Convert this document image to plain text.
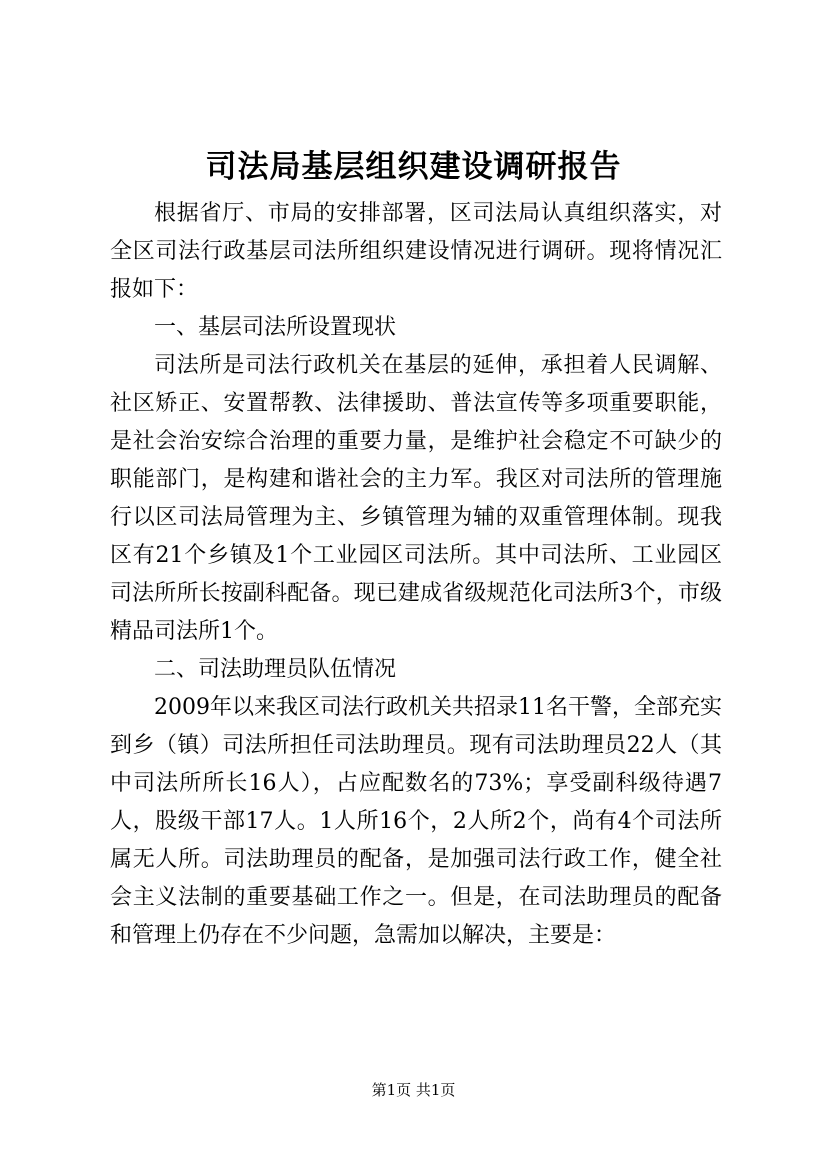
司法局基层组织建设调研报告

根据省厅、市局的安排部署，区司法局认真组织落实，对全区司法行政基层司法所组织建设情况进行调研。现将情况汇报如下：

一、基层司法所设置现状

司法所是司法行政机关在基层的延伸，承担着人民调解、社区矫正、安置帮教、法律援助、普法宣传等多项重要职能，是社会治安综合治理的重要力量，是维护社会稳定不可缺少的职能部门，是构建和谐社会的主力军。我区对司法所的管理施行以区司法局管理为主、乡镇管理为辅的双重管理体制。现我区有21个乡镇及1个工业园区司法所。其中司法所、工业园区司法所所长按副科配备。现已建成省级规范化司法所3个，市级精品司法所1个。

二、司法助理员队伍情况

2009年以来我区司法行政机关共招录11名干警，全部充实到乡（镇）司法所担任司法助理员。现有司法助理员22人（其中司法所所长16人），占应配数名的73%；享受副科级待遇7人，股级干部17人。1人所16个，2人所2个，尚有4个司法所属无人所。司法助理员的配备，是加强司法行政工作，健全社会主义法制的重要基础工作之一。但是，在司法助理员的配备和管理上仍存在不少问题，急需加以解决，主要是：

第1页 共1页
